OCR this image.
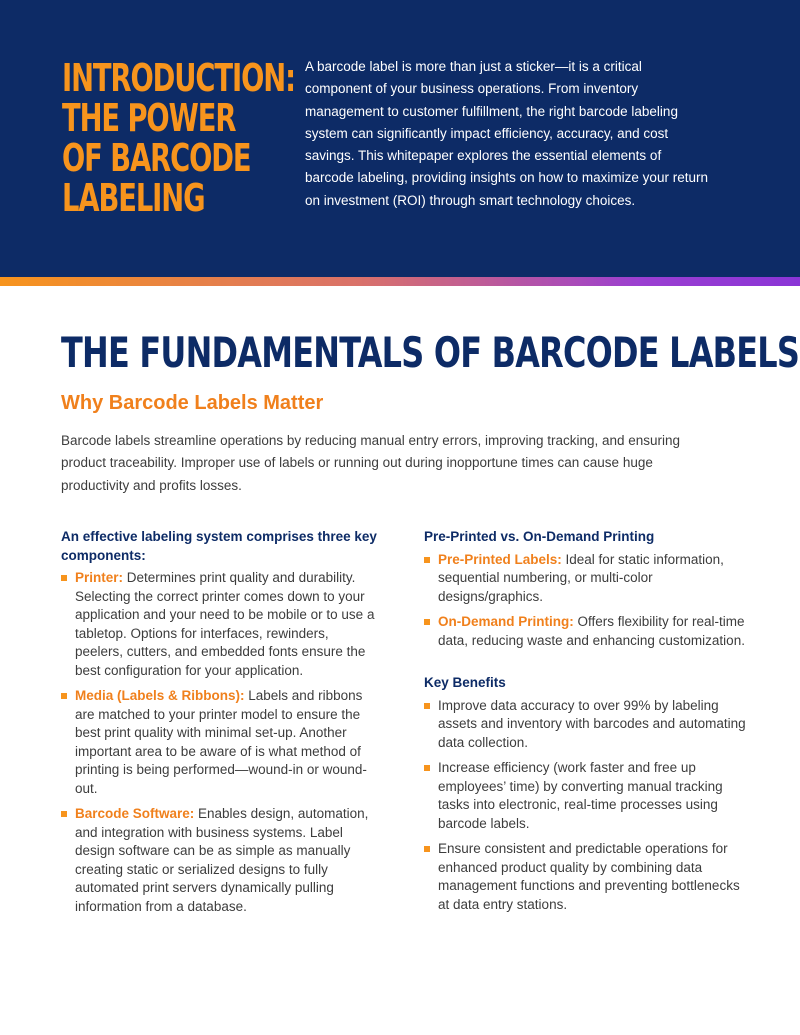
INTRODUCTION:
THE POWER
OF BARCODE
LABELING
A barcode label is more than just a sticker—it is a critical component of your business operations. From inventory management to customer fulfillment, the right barcode labeling system can significantly impact efficiency, accuracy, and cost savings. This whitepaper explores the essential elements of barcode labeling, providing insights on how to maximize your return on investment (ROI) through smart technology choices.
THE FUNDAMENTALS OF BARCODE LABELS
Why Barcode Labels Matter
Barcode labels streamline operations by reducing manual entry errors, improving tracking, and ensuring product traceability. Improper use of labels or running out during inopportune times can cause huge productivity and profits losses.
An effective labeling system comprises three key components:
Printer: Determines print quality and durability. Selecting the correct printer comes down to your application and your need to be mobile or to use a tabletop. Options for interfaces, rewinders, peelers, cutters, and embedded fonts ensure the best configuration for your application.
Media (Labels & Ribbons): Labels and ribbons are matched to your printer model to ensure the best print quality with minimal set-up. Another important area to be aware of is what method of printing is being performed—wound-in or wound-out.
Barcode Software: Enables design, automation, and integration with business systems. Label design software can be as simple as manually creating static or serialized designs to fully automated print servers dynamically pulling information from a database.
Pre-Printed vs. On-Demand Printing
Pre-Printed Labels: Ideal for static information, sequential numbering, or multi-color designs/graphics.
On-Demand Printing: Offers flexibility for real-time data, reducing waste and enhancing customization.
Key Benefits
Improve data accuracy to over 99% by labeling assets and inventory with barcodes and automating data collection.
Increase efficiency (work faster and free up employees’ time) by converting manual tracking tasks into electronic, real-time processes using barcode labels.
Ensure consistent and predictable operations for enhanced product quality by combining data management functions and preventing bottlenecks at data entry stations.
